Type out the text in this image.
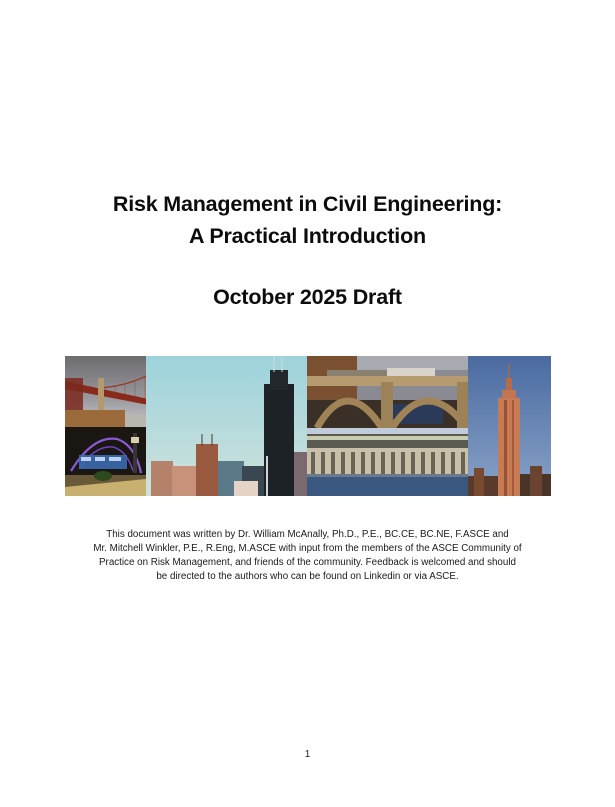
Risk Management in Civil Engineering:
A Practical Introduction
October 2025 Draft
This document was written by Dr. William McAnally, Ph.D., P.E., BC.CE, BC.NE, F.ASCE and
Mr. Mitchell Winkler, P.E., R.Eng, M.ASCE with input from the members of the ASCE Community of
Practice on Risk Management, and friends of the community. Feedback is welcomed and should
be directed to the authors who can be found on Linkedin or via ASCE.
1
